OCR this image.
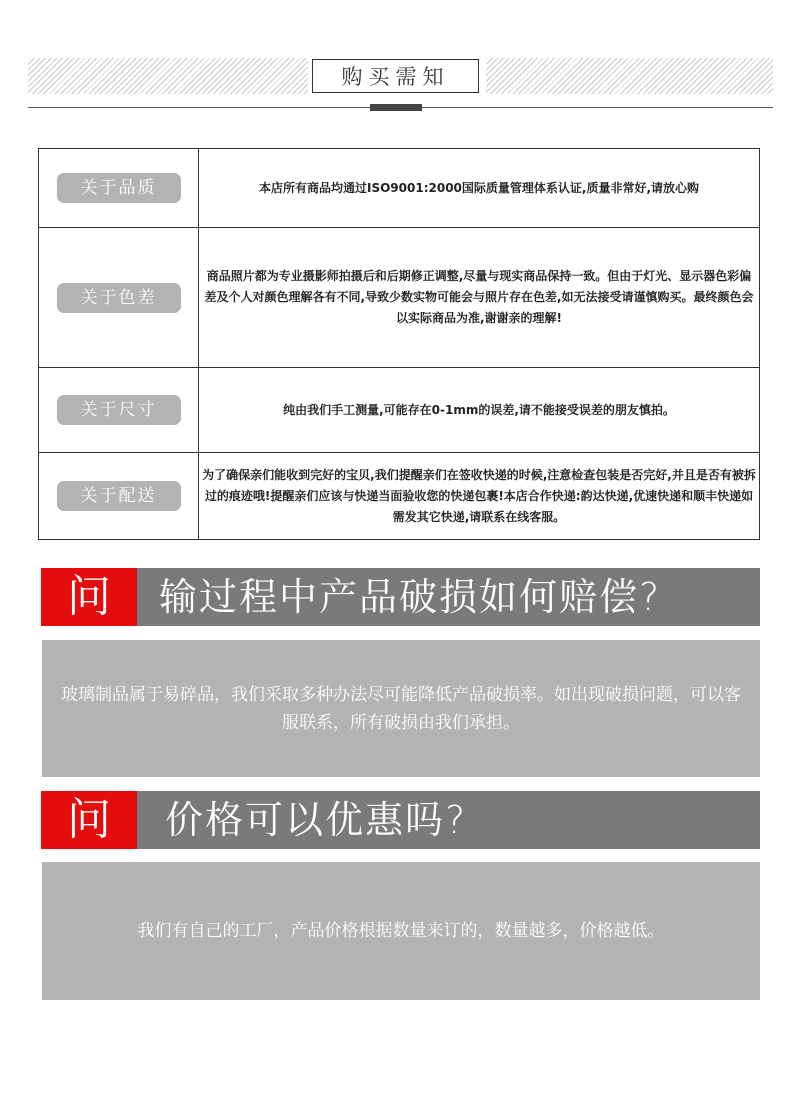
购买需知
关于品质	本店所有商品均通过ISO9001:2000国际质量管理体系认证,质量非常好,请放心购
关于色差	商品照片都为专业摄影师拍摄后和后期修正调整,尽量与现实商品保持一致。但由于灯光、显示器色彩偏差及个人对颜色理解各有不同,导致少数实物可能会与照片存在色差,如无法接受请谨慎购买。最终颜色会以实际商品为准,谢谢亲的理解!
关于尺寸	纯由我们手工测量,可能存在0-1mm的误差,请不能接受误差的朋友慎拍。
关于配送	为了确保亲们能收到完好的宝贝,我们提醒亲们在签收快递的时候,注意检查包装是否完好,并且是否有被拆过的痕迹哦!提醒亲们应该与快递当面验收您的快递包裹!本店合作快递:韵达快递,优速快递和顺丰快递如需发其它快递,请联系在线客服。
问	输过程中产品破损如何赔偿?
玻璃制品属于易碎品，我们采取多种办法尽可能降低产品破损率。如出现破损问题，可以客服联系，所有破损由我们承担。
问	价格可以优惠吗?
我们有自己的工厂，产品价格根据数量来订的，数量越多，价格越低。
